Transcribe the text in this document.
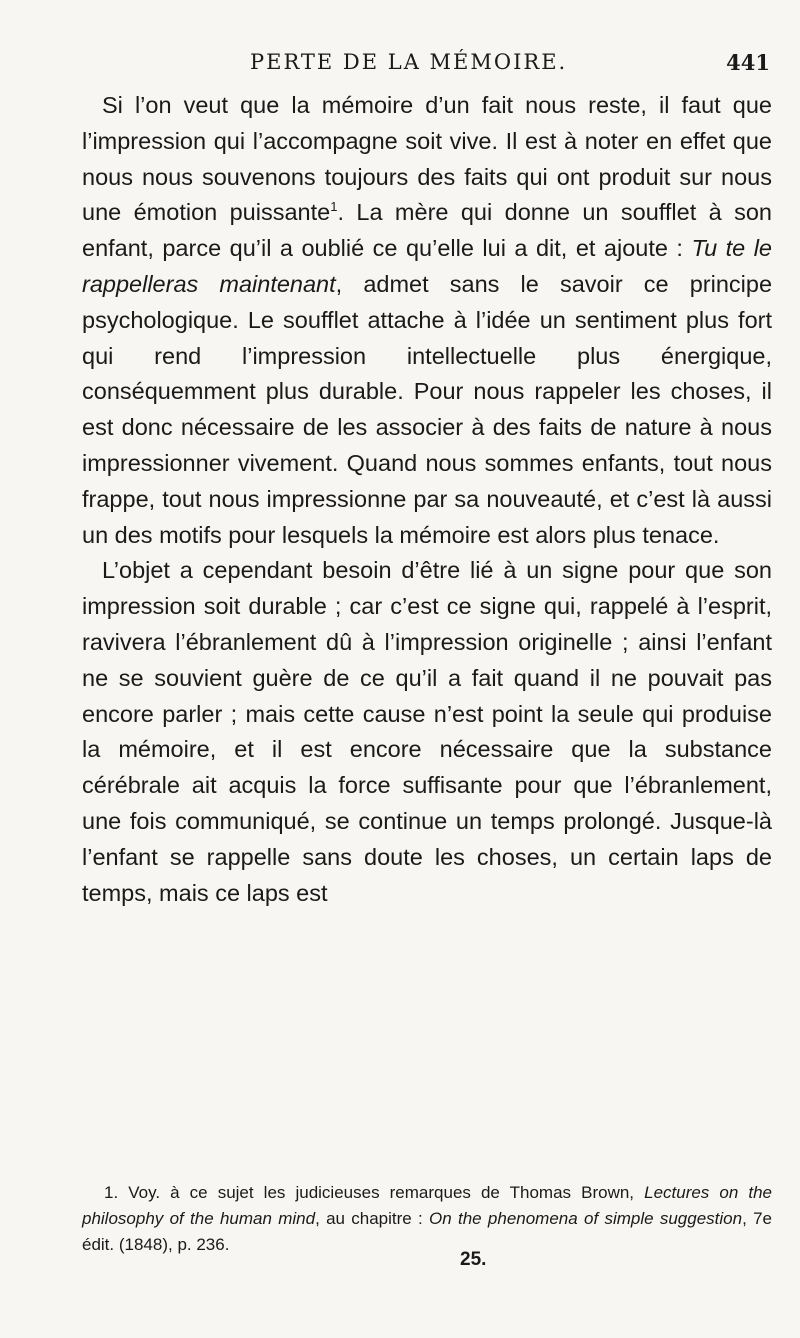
PERTE DE LA MÉMOIRE.	441

Si l’on veut que la mémoire d’un fait nous reste, il faut que l’impression qui l’accompagne soit vive. Il est à noter en effet que nous nous souvenons toujours des faits qui ont produit sur nous une émotion puissante$^1$. La mère qui donne un soufflet à son enfant, parce qu’il a oublié ce qu’elle lui a dit, et ajoute : Tu te le rappelleras maintenant, admet sans le savoir ce principe psychologique. Le soufflet attache à l’idée un sentiment plus fort qui rend l’impression intellectuelle plus énergique, conséquemment plus durable. Pour nous rappeler les choses, il est donc nécessaire de les associer à des faits de nature à nous impressionner vivement. Quand nous sommes enfants, tout nous frappe, tout nous impressionne par sa nouveauté, et c’est là aussi un des motifs pour lesquels la mémoire est alors plus tenace.

L’objet a cependant besoin d’être lié à un signe pour que son impression soit durable ; car c’est ce signe qui, rappelé à l’esprit, ravivera l’ébranlement dû à l’impression originelle ; ainsi l’enfant ne se souvient guère de ce qu’il a fait quand il ne pouvait pas encore parler ; mais cette cause n’est point la seule qui produise la mémoire, et il est encore nécessaire que la substance cérébrale ait acquis la force suffisante pour que l’ébranlement, une fois communiqué, se continue un temps prolongé. Jusque-là l’enfant se rappelle sans doute les choses, un certain laps de temps, mais ce laps est

1. Voy. à ce sujet les judicieuses remarques de Thomas Brown, Lectures on the philosophy of the human mind, au chapitre : On the phenomena of simple suggestion, 7e édit. (1848), p. 236.

25.
